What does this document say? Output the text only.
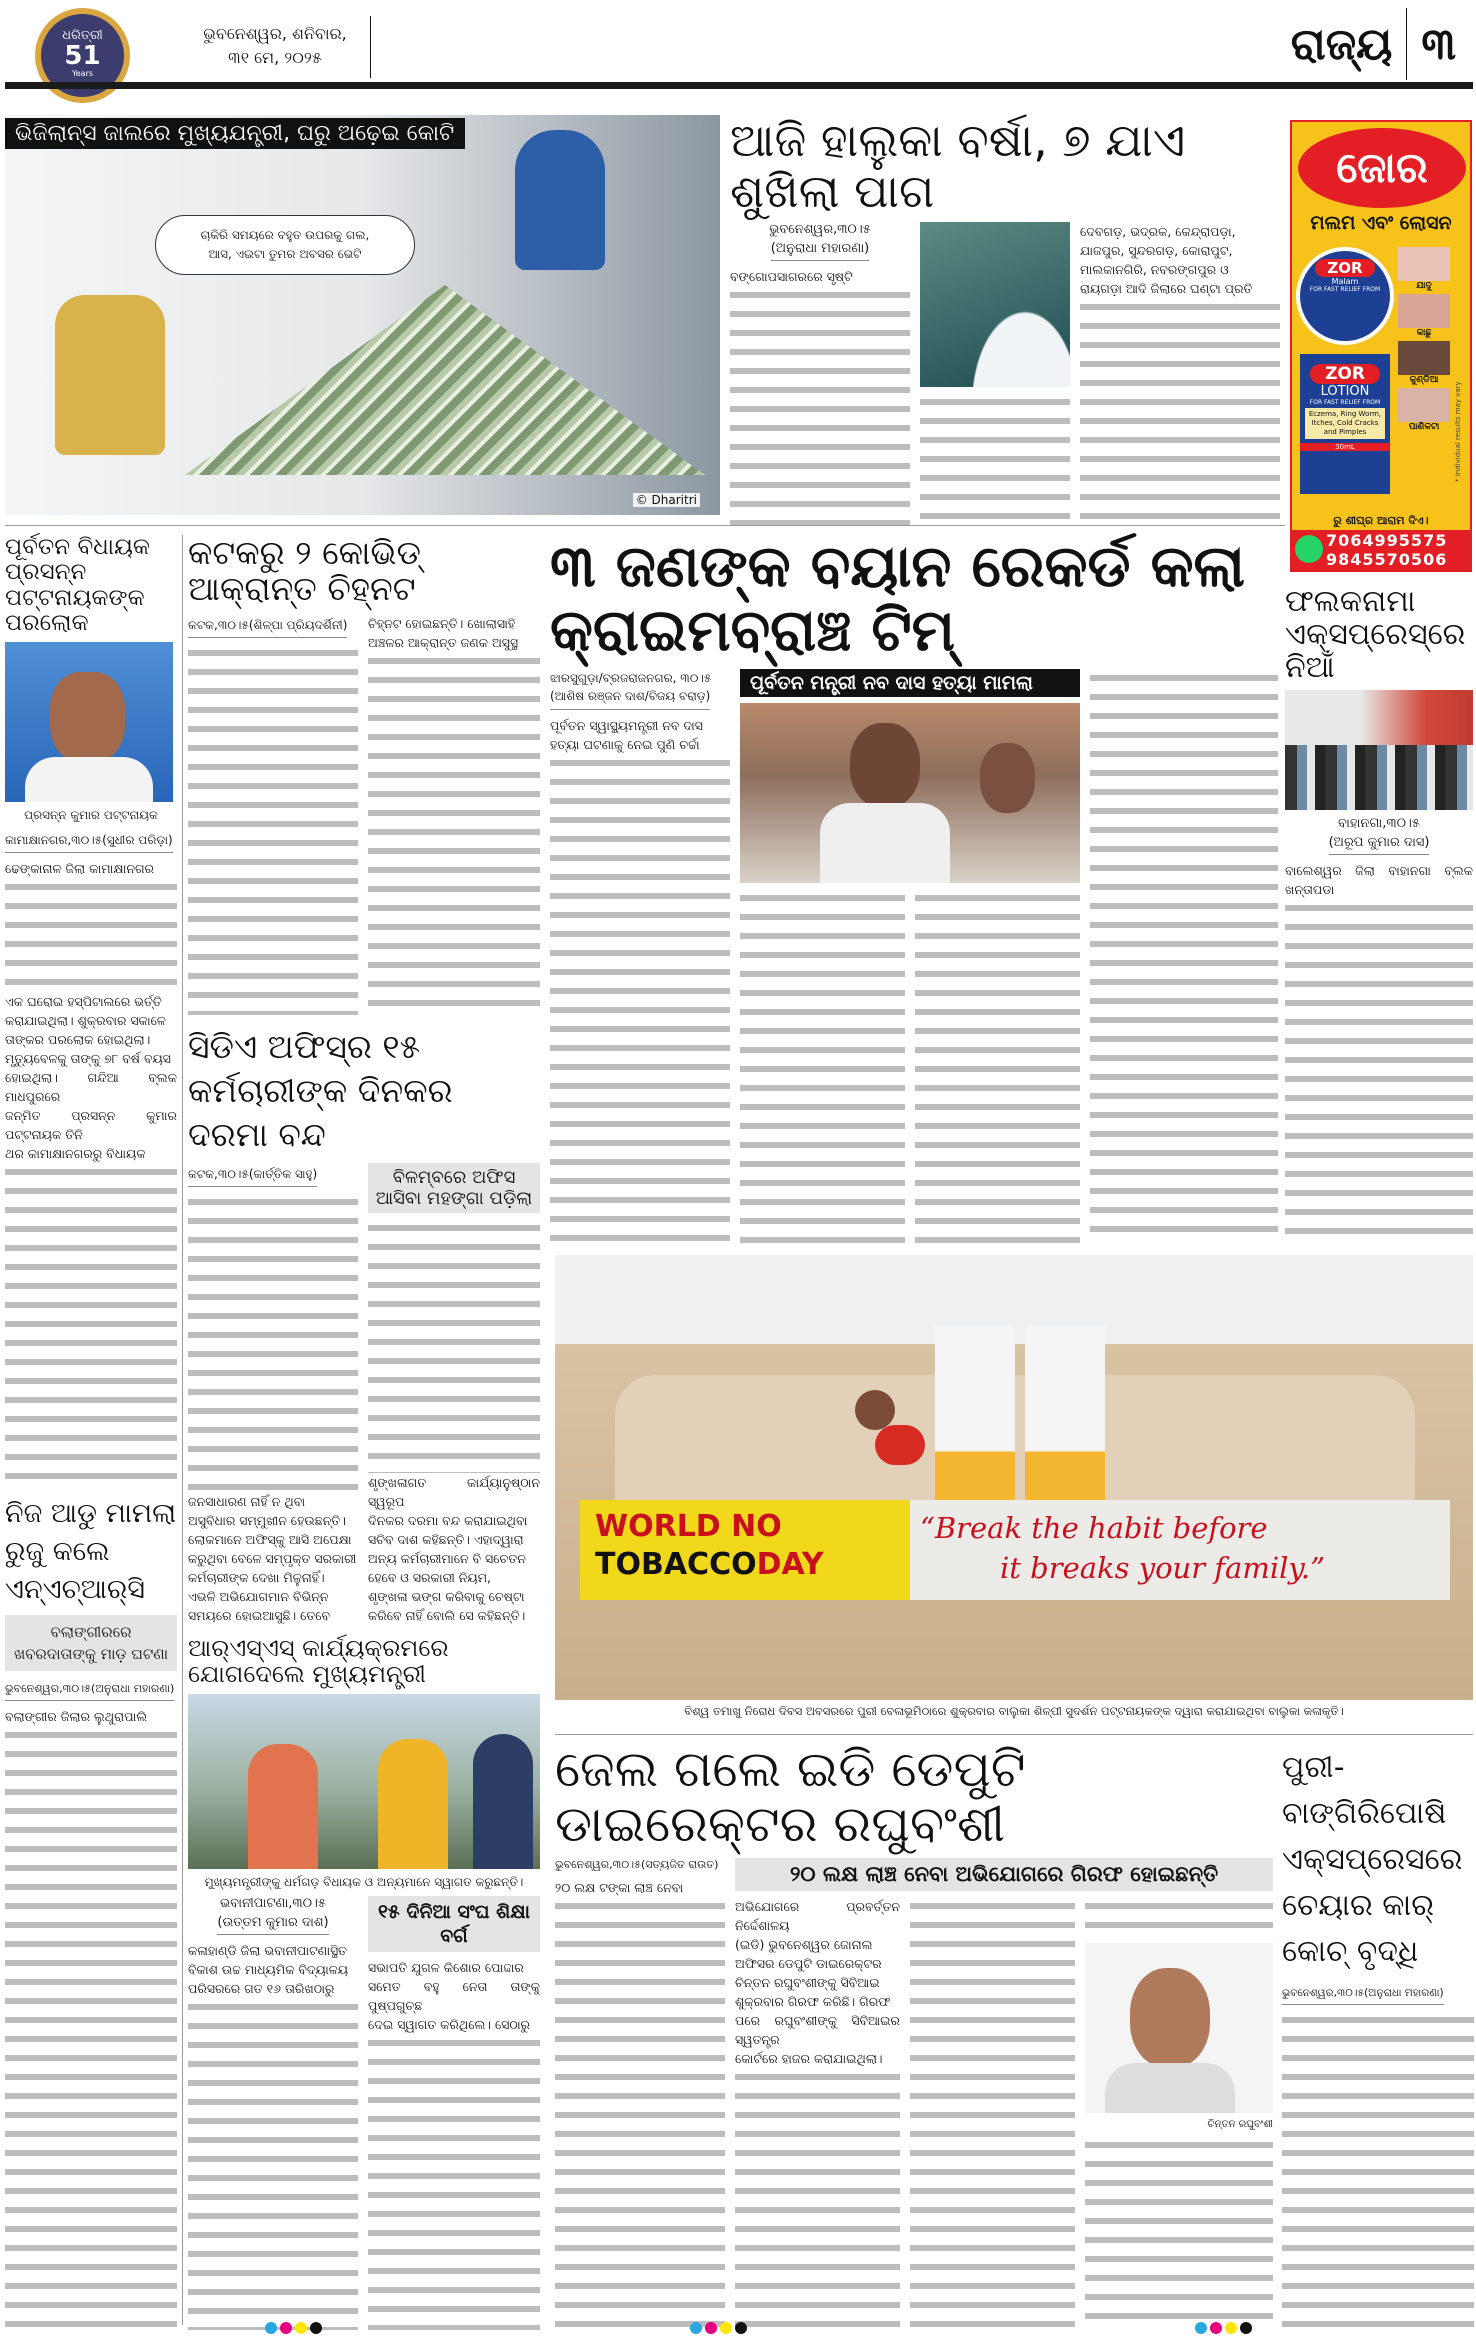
ଧରିତ୍ରୀ
51
Years
ଭୁବନେଶ୍ୱର, ଶନିବାର,
୩୧ ମେ, ୨୦୨୫	ରାଜ୍ୟ ୩
ଭିଜିଲାନ୍ସ ଜାଲରେ ମୁଖ୍ୟଯନ୍ତ୍ରୀ, ଘରୁ ଅଢ଼େଇ କୋଟି
ଚାକିରି ସମୟରେ ବହୁତ ଉପରକୁ ଗଲ,
ଆସ, ଏଇଟା ତୁମର ଅବସର ଭେଟି
© Dharitri
ଆଜି ହାଲୁକା ବର୍ଷା, ୭ ଯାଏ ଶୁଖିଲା ପାଗ
ଭୁବନେଶ୍ୱର,୩୦।୫
(ଅନୁରାଧା ମହାରଣା)

ବଙ୍ଗୋପସାଗରରେ ସୃଷ୍ଟି

ଦେବଗଡ଼, ଭଦ୍ରକ, କେନ୍ଦ୍ରାପଡ଼ା,

ଯାଜପୁର, ସୁନ୍ଦରଗଡ଼, କୋରାପୁଟ,

ମାଲକାନଗିରି, ନବରଙ୍ଗପୁର ଓ

ରାୟଗଡ଼ା ଆଦି ଜିଲାରେ ଘଣ୍ଟା ପ୍ରତି

ଜୋର
ମଲମ ଏବଂ ଲୋସନ
ZOR
Malam
FOR FAST RELIEF FROM
ZOR
LOTION
FOR FAST RELIEF FROM
Eczema, Ring Worm, Itches, Cold Cracks and Pimples
30mL
ଯାଦୁ
କାଛୁ
କୁଣ୍ଡିଆ
ପାଣିକଟା	* Individual results may vary
ରୁ ଶୀଘ୍ର ଆରାମ ଦିଏ।
7064995575
9845570506
ପୂର୍ବତନ ବିଧାୟକ ପ୍ରସନ୍ନ ପଟ୍ଟନାୟକଙ୍କ ପରଲୋକ
ପ୍ରସନ୍ନ କୁମାର ପଟ୍ଟନାୟକ
କାମାକ୍ଷାନଗର,୩୦।୫(ସୁଧୀର ପରିଡ଼ା)

ଢେଙ୍କାନାଳ ଜିଲା କାମାକ୍ଷାନଗର

ଏକ ଘରୋଇ ହସ୍ପିଟାଲରେ ଭର୍ତ୍ତି

କରାଯାଇଥିଲା। ଶୁକ୍ରବାର ସକାଳେ

ତାଙ୍କର ପରଲୋକ ହୋଇଥିଲା।

ମୃତ୍ୟୁବେଳକୁ ତାଙ୍କୁ ୭୮ ବର୍ଷ ବୟସ

ହୋଇଥିଲା। ଗନ୍ଦିଆ ବ୍ଲକ ମାଧପୁରରେ

ଜନ୍ମିତ ପ୍ରସନ୍ନ କୁମାର ପଟ୍ଟନାୟକ ତିନି

ଥର କାମାକ୍ଷାନଗରରୁ ବିଧାୟକ

କଟକରୁ ୨ କୋଭିଡ୍ ଆକ୍ରାନ୍ତ ଚିହ୍ନଟ
କଟକ,୩୦।୫(ଶିଳ୍ପା ପ୍ରିୟଦର୍ଶିନୀ)	ଚିହ୍ନଟ ହୋଇଛନ୍ତି। ଖୋଲାସାହି

ଅଞ୍ଚଳର ଆକ୍ରାନ୍ତ ଜଣକ ଅସୁସ୍ଥ

୩ ଜଣଙ୍କ ବୟାନ ରେକର୍ଡ କଲା କ୍ରାଇମବ୍ରାଞ୍ଚ ଟିମ୍
ଝାରସୁଗୁଡ଼ା/ବ୍ରଜରାଜନଗର, ୩୦।୫
(ଆଶିଷ ରଞ୍ଜନ ଦାଶ/ବିଜୟ ବରାଡ଼)

ପୂର୍ବତନ ସ୍ୱାସ୍ଥ୍ୟମନ୍ତ୍ରୀ ନବ ଦାସ

ହତ୍ୟା ଘଟଣାକୁ ନେଇ ପୁଣି ଚର୍ଚ୍ଚା

ପୂର୍ବତନ ମନ୍ତ୍ରୀ ନବ ଦାସ ହତ୍ୟା ମାମଲା
ଫଲକନାମା ଏକ୍ସପ୍ରେସ୍‌ରେ ନିଆଁ
ବାହାନଗା,୩୦।୫
(ଅରୂପ କୁମାର ଦାସ)

ବାଲେଶ୍ୱର ଜିଲା ବାହାନଗା ବ୍ଲକ ଖନ୍ତାପଡା

ସିଡିଏ ଅଫିସ୍‌ର ୧୫ କର୍ମଚାରୀଙ୍କ ଦିନକର ଦରମା ବନ୍ଦ
କଟକ,୩୦।୫(କାର୍ତ୍ତିକ ସାହୁ)

ଜନସାଧାରଣ ନାହିଁ ନ ଥିବା

ଅସୁବିଧାର ସମ୍ମୁଖୀନ ହେଉଛନ୍ତି।

ଲୋକମାନେ ଅଫିସ୍‌କୁ ଆସି ଅପେକ୍ଷା

କରୁଥିବା ବେଳେ ସମ୍ପୃକ୍ତ ସରକାରୀ

କର୍ମଚାରୀଙ୍କ ଦେଖା ମିଳୁନାହିଁ।

ଏଭଳି ଅଭିଯୋଗମାନ ବିଭିନ୍ନ

ସମୟରେ ହୋଇଆସୁଛି। ତେବେ

ବିଳମ୍ବରେ ଅଫିସ ଆସିବା ମହଙ୍ଗା ପଡ଼ିଲା

ଶୃଙ୍ଖଳାଗତ କାର୍ଯ୍ୟାନୁଷ୍ଠାନ ସ୍ୱରୂପ

ଦିନକର ଦରମା ବନ୍ଦ କରାଯାଇଥିବା

ସଚିବ ଦାଶ କହିଛନ୍ତି। ଏହାଦ୍ୱାରା

ଅନ୍ୟ କର୍ମଚାରୀମାନେ ବି ସଚେତନ

ହେବେ ଓ ସରକାରୀ ନିୟମ,

ଶୃଙ୍ଖଳା ଭଙ୍ଗ କରିବାକୁ ଚେଷ୍ଟା

କରିବେ ନାହିଁ ବୋଲି ସେ କହିଛନ୍ତି।

ନିଜ ଆଡୁ ମାମଲା ରୁଜୁ କଲେ ଏନ୍‌ଏଚ୍‌ଆର୍‌ସି
ବଲାଙ୍ଗୀରରେ ଖବରଦାତାଙ୍କୁ ମାଡ଼ ଘଟଣା
ଭୁବନେଶ୍ୱର,୩୦।୫(ଅନୁରାଧା ମହାରଣା)

ବଲାଙ୍ଗୀର ଜିଲାର ଲୁଥୁରାପାଲି

ଆର୍‌ଏସ୍‌ଏସ୍ କାର୍ଯ୍ୟକ୍ରମରେ ଯୋଗଦେଲେ ମୁଖ୍ୟମନ୍ତ୍ରୀ
ମୁଖ୍ୟମନ୍ତ୍ରୀଙ୍କୁ ଧର୍ମଗଡ଼ ବିଧାୟକ ଓ ଅନ୍ୟମାନେ ସ୍ୱାଗତ କରୁଛନ୍ତି।
ଭବାନୀପାଟଣା,୩୦।୫
(ଉତ୍ତମ କୁମାର ଦାଶ)

କଳାହାଣ୍ଡି ଜିଲା ଭବାନୀପାଟଣାସ୍ଥିତ

ବିକାଶ ଉଚ୍ଚ ମାଧ୍ୟମିକ ବିଦ୍ୟାଳୟ

ପରିସରରେ ଗତ ୧୬ ତାରିଖଠାରୁ

୧୫ ଦିନିଆ ସଂଘ ଶିକ୍ଷା ବର୍ଗ

ସଭାପତି ଯୁଗଳ କିଶୋର ପୋଦ୍ଦାର

ସମେତ ବହୁ ନେତା ତାଙ୍କୁ ପୁଷ୍ପଗୁଚ୍ଛ

ଦେଇ ସ୍ୱାଗତ କରିଥିଲେ। ସେଠାରୁ

WORLD NO
TOBACCODAY
“Break the habit before
it breaks your family.”
ବିଶ୍ୱ ତମାଖୁ ନିରୋଧ ଦିବସ ଅବସରରେ ପୁରୀ ବେଳାଭୂମିଠାରେ ଶୁକ୍ରବାର ବାଲୁକା ଶିଳ୍ପୀ ସୁଦର୍ଶନ ପଟ୍ଟନାୟକଙ୍କ ଦ୍ୱାରା କରାଯାଇଥିବା ବାଲୁକା କଳାକୃତି।
ଜେଲ ଗଲେ ଇଡି ଡେପୁଟି ଡାଇରେକ୍ଟର ରଘୁବଂଶୀ
ଭୁବନେଶ୍ୱର,୩୦।୫(ସତ୍ୟଜିତ ରାଉତ)

୨୦ ଲକ୍ଷ ଟଙ୍କା ଲାଞ୍ଚ ନେବା

୨୦ ଲକ୍ଷ ଲାଞ୍ଚ ନେବା ଅଭିଯୋଗରେ ଗିରଫ ହୋଇଛନ୍ତି

ଅଭିଯୋଗରେ ପ୍ରବର୍ତ୍ତନ ନିର୍ଦ୍ଦେଶାଳୟ

(ଇଡି) ଭୁବନେଶ୍ୱର ଜୋନାଲ

ଅଫିସର ଡେପୁଟି ଡାଇରେକ୍ଟର

ଚିନ୍ତନ ରଘୁବଂଶୀଙ୍କୁ ସିବିଆଇ

ଶୁକ୍ରବାର ଗିରଫ କରିଛି। ଗିରଫ

ପରେ ରଘୁବଂଶୀଙ୍କୁ ସିବିଆଇର ସ୍ୱତନ୍ତ୍ର

କୋର୍ଟରେ ହାଜର କରାଯାଇଥିଲା।

ଚିନ୍ତନ ରଘୁବଂଶୀ
ପୁରୀ-ବାଙ୍ଗିରିପୋଷି ଏକ୍ସପ୍ରେସରେ ଚେୟାର କାର୍ କୋଚ୍ ବୃଦ୍ଧି
ଭୁବନେଶ୍ୱର,୩୦।୫(ଅନୁରାଧା ମହାରଣା)
